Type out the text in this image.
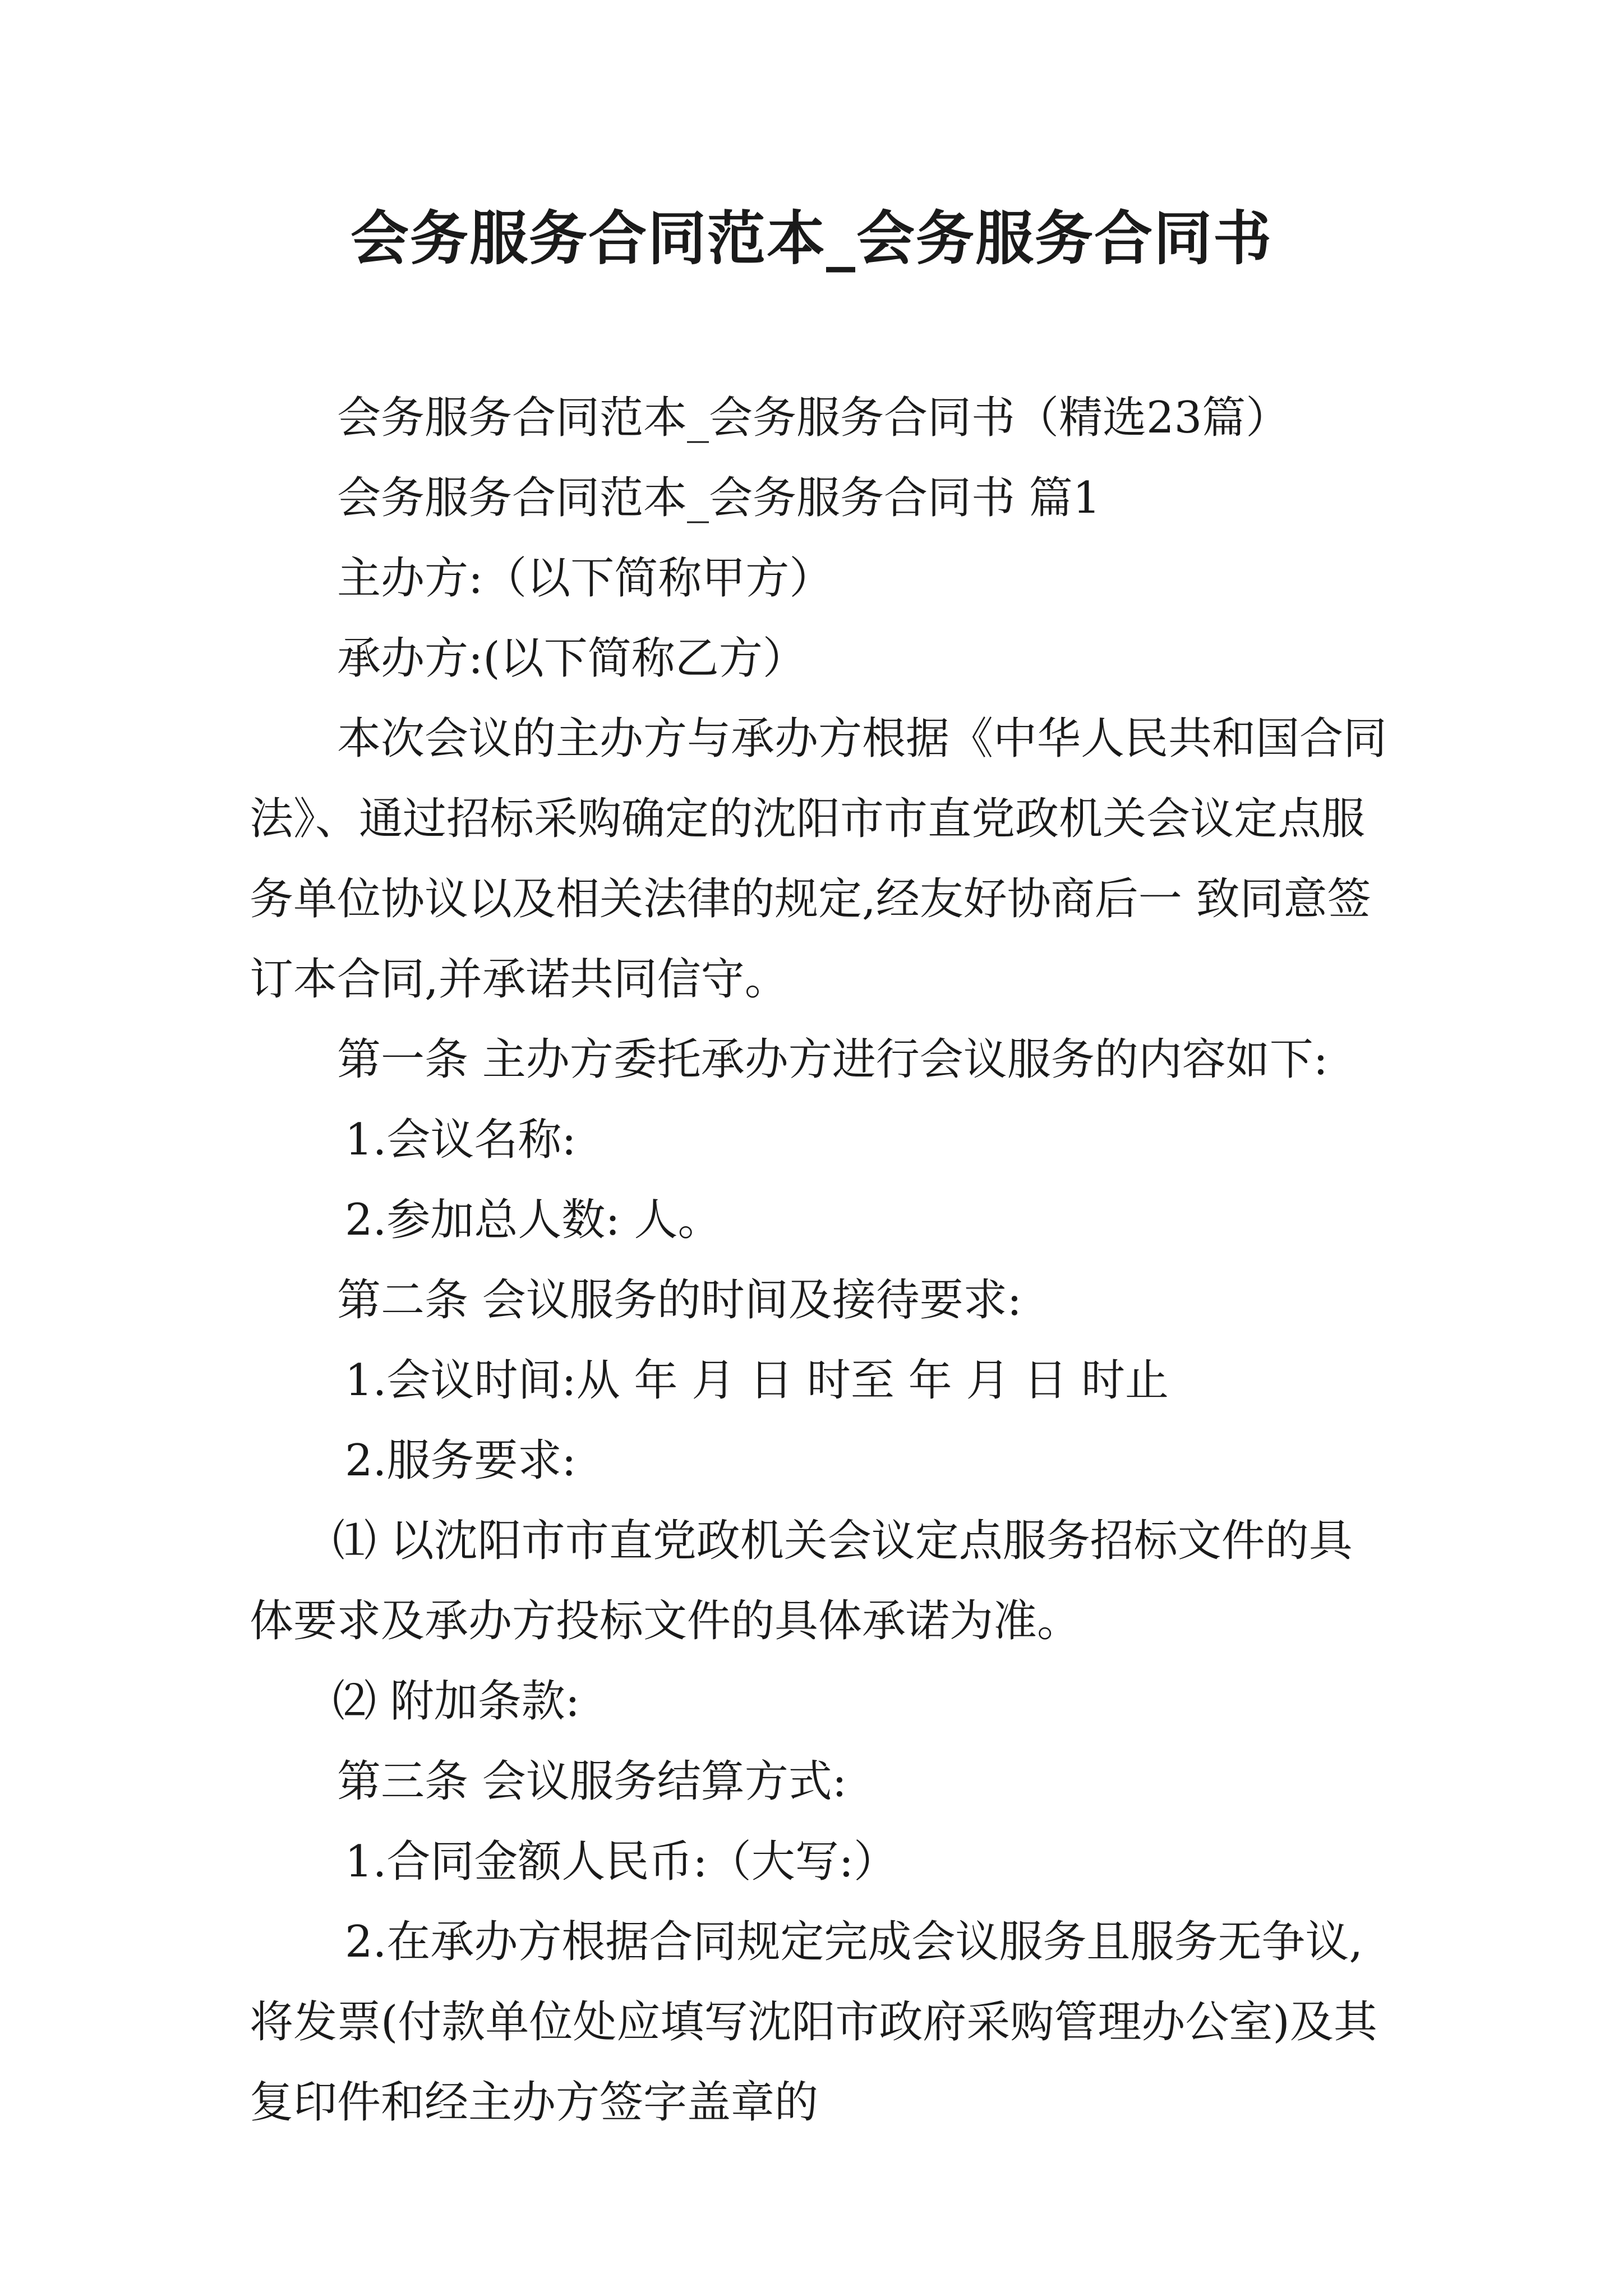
会务服务合同范本_会务服务合同书

会务服务合同范本_会务服务合同书（精选23篇）

会务服务合同范本_会务服务合同书 篇1

主办方:（以下简称甲方）

承办方:(以下简称乙方）

本次会议的主办方与承办方根据《中华人民共和国合同法》、通过招标采购确定的沈阳市市直党政机关会议定点服务单位协议以及相关法律的规定,经友好协商后一 致同意签订本合同,并承诺共同信守。

第一条 主办方委托承办方进行会议服务的内容如下:

1.会议名称:

2.参加总人数: 人。

第二条 会议服务的时间及接待要求:

1.会议时间:从 年 月 日 时至 年 月 日 时止

2.服务要求:

⑴ 以沈阳市市直党政机关会议定点服务招标文件的具体要求及承办方投标文件的具体承诺为准。

⑵ 附加条款:

第三条 会议服务结算方式:

1.合同金额人民币:（大写:）

2.在承办方根据合同规定完成会议服务且服务无争议,将发票(付款单位处应填写沈阳市政府采购管理办公室)及其复印件和经主办方签字盖章的
